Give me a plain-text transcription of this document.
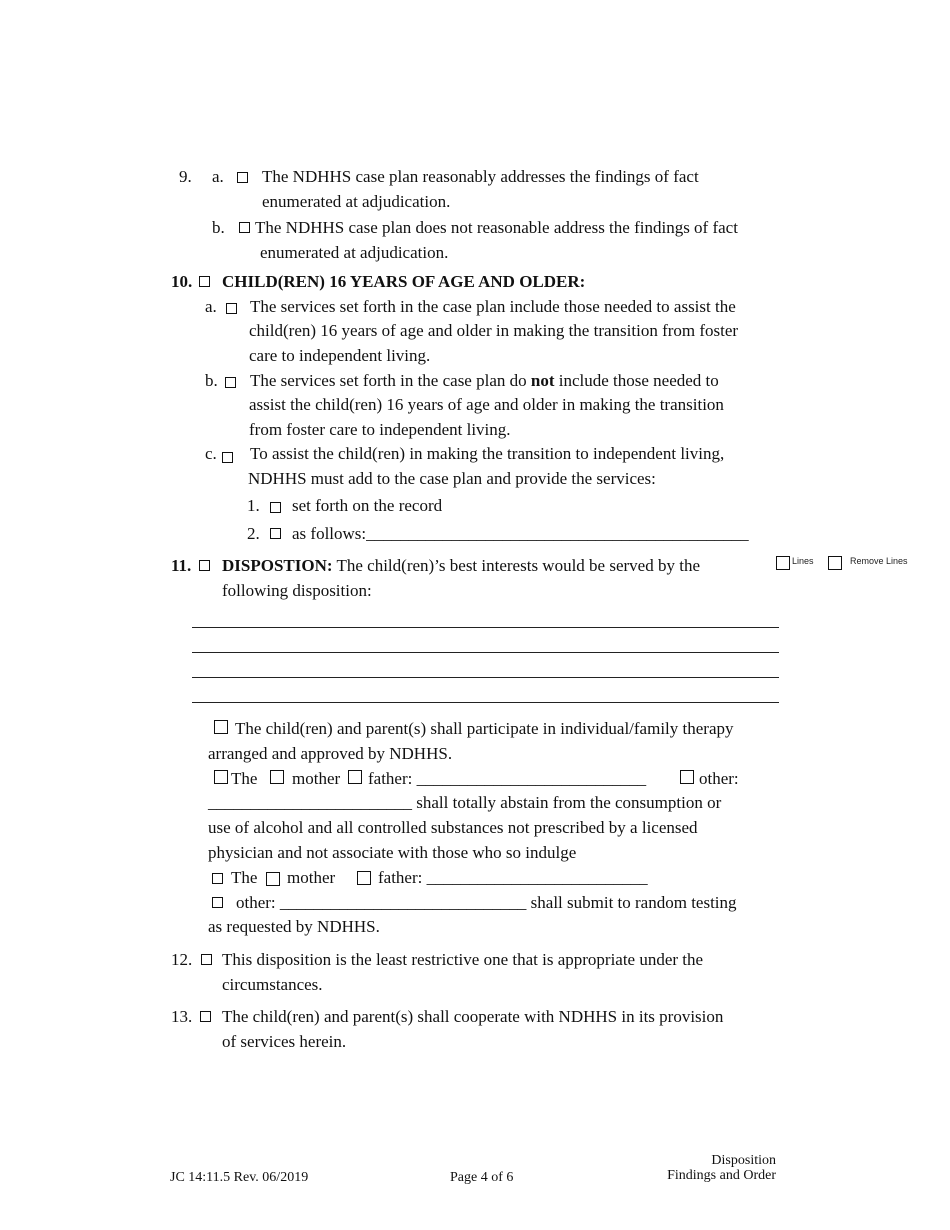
9. a. The NDHHS case plan reasonably addresses the findings of fact
enumerated at adjudication.
b. The NDHHS case plan does not reasonable address the findings of fact
enumerated at adjudication.
10. CHILD(REN) 16 YEARS OF AGE AND OLDER:
a. The services set forth in the case plan include those needed to assist the
child(ren) 16 years of age and older in making the transition from foster
care to independent living.
b. The services set forth in the case plan do not include those needed to
assist the child(ren) 16 years of age and older in making the transition
from foster care to independent living.
c. To assist the child(ren) in making the transition to independent living,
NDHHS must add to the case plan and provide the services:
1. set forth on the record
2. as follows:_____________________________________________
11. DISPOSTION: The child(ren)’s best interests would be served by the
following disposition:
Lines	Remove Lines
The child(ren) and parent(s) shall participate in individual/family therapy
arranged and approved by NDHHS.
The mother father: ___________________________	other:
________________________ shall totally abstain from the consumption or
use of alcohol and all controlled substances not prescribed by a licensed
physician and not associate with those who so indulge
The mother	father: __________________________
other: _____________________________ shall submit to random testing
as requested by NDHHS.
12. This disposition is the least restrictive one that is appropriate under the
circumstances.
13. The child(ren) and parent(s) shall cooperate with NDHHS in its provision
of services herein.
JC 14:11.5 Rev. 06/2019	Page 4 of 6
Disposition
Findings and Order
